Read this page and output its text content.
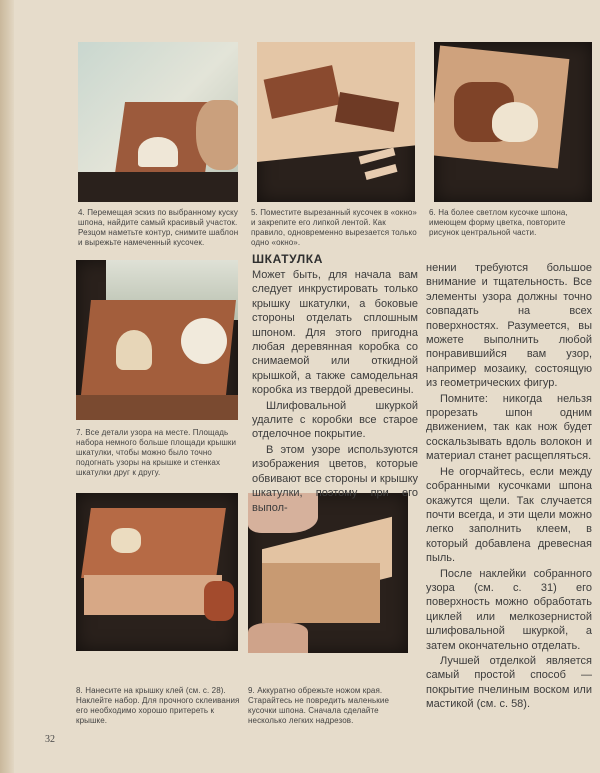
4. Перемещая эскиз по выбранному куску шпона, найдите самый красивый участок. Резцом наметьте контур, снимите шаблон и вырежьте намеченный кусочек.
5. Поместите вырезанный кусочек в «окно» и закрепите его липкой лентой. Как правило, одновременно вырезается только одно «окно».
6. На более светлом кусочке шпона, имеющем форму цветка, повторите рисунок центральной части.
7. Все детали узора на месте. Площадь набора немного больше площади крышки шкатулки, чтобы можно было точно подогнать узоры на крышке и стенках шкатулки друг к другу.
8. Нанесите на крышку клей (см. с. 28). Наклейте набор. Для прочного склеивания его необходимо хорошо притереть к крышке.
9. Аккуратно обрежьте ножом края. Старайтесь не повредить маленькие кусочки шпона. Сначала сделайте несколько легких надрезов.
ШКАТУЛКА

Может быть, для начала вам следует инкрустировать только крышку шкатулки, а боковые стороны отделать сплошным шпоном. Для этого пригодна любая деревянная коробка со снимаемой или откидной крышкой, а также самодельная коробка из твердой древесины.

Шлифовальной шкуркой удалите с коробки все старое отделочное покрытие.

В этом узоре используются изображения цветов, которые обвивают все стороны и крышку шкатулки, поэтому при его выпол-

нении требуются большое внимание и тщательность. Все элементы узора должны точно совпадать на всех поверхностях. Разумеется, вы можете выполнить любой понравившийся вам узор, например мозаику, состоящую из геометрических фигур.

Помните: никогда нельзя прорезать шпон одним движением, так как нож будет соскальзывать вдоль волокон и материал станет расщепляться.

Не огорчайтесь, если между собранными кусочками шпона окажутся щели. Так случается почти всегда, и эти щели можно легко заполнить клеем, в который добавлена древесная пыль.

После наклейки собранного узора (см. с. 31) его поверхность можно обработать циклей или мелкозернистой шлифовальной шкуркой, а затем окончательно отделать.

Лучшей отделкой является самый простой способ — покрытие пчелиным воском или мастикой (см. с. 58).

32
